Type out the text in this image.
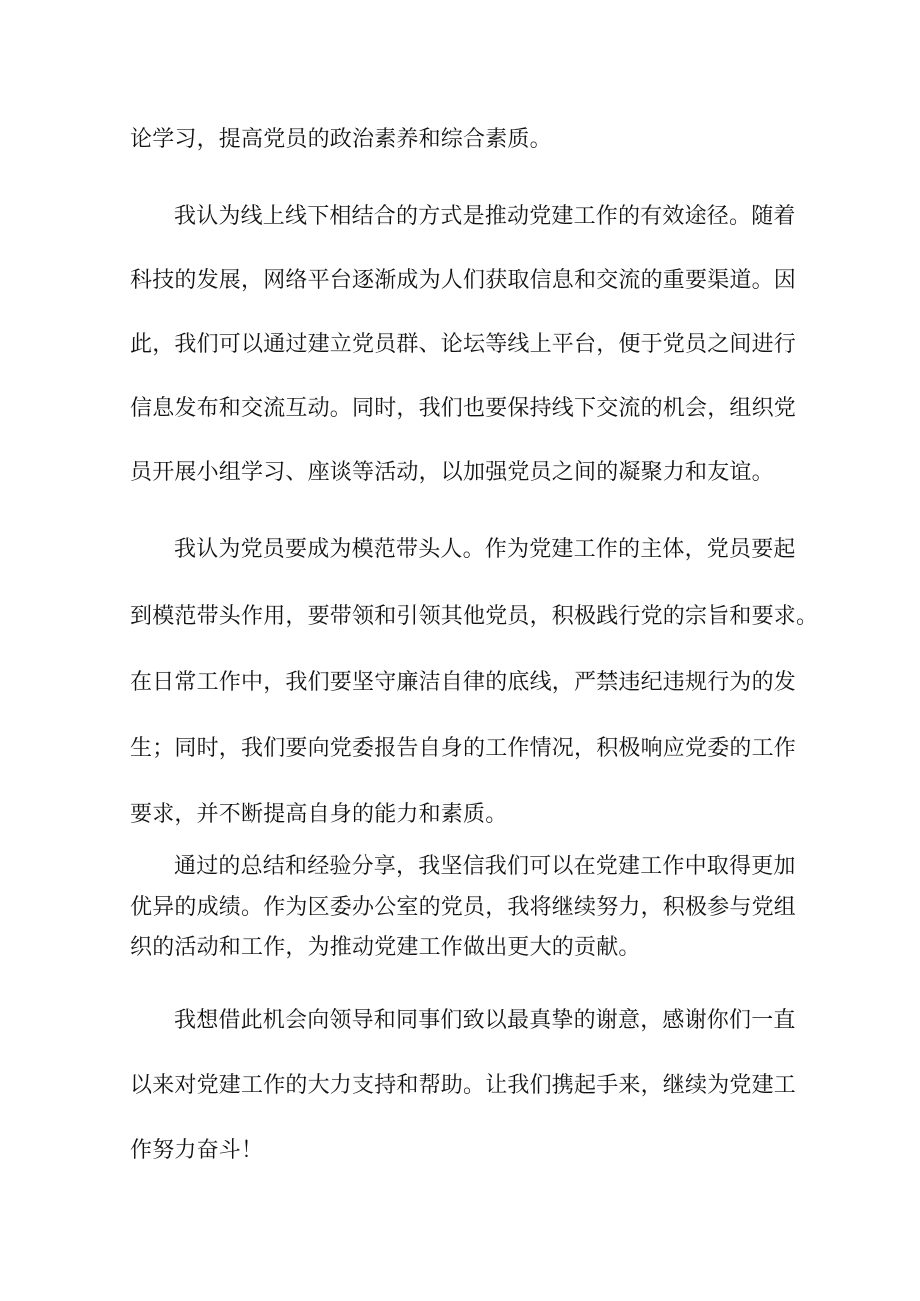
论学习，提高党员的政治素养和综合素质。
我认为线上线下相结合的方式是推动党建工作的有效途径。随着
科技的发展，网络平台逐渐成为人们获取信息和交流的重要渠道。因
此，我们可以通过建立党员群、论坛等线上平台，便于党员之间进行
信息发布和交流互动。同时，我们也要保持线下交流的机会，组织党
员开展小组学习、座谈等活动，以加强党员之间的凝聚力和友谊。
我认为党员要成为模范带头人。作为党建工作的主体，党员要起
到模范带头作用，要带领和引领其他党员，积极践行党的宗旨和要求。
在日常工作中，我们要坚守廉洁自律的底线，严禁违纪违规行为的发
生；同时，我们要向党委报告自身的工作情况，积极响应党委的工作
要求，并不断提高自身的能力和素质。
通过的总结和经验分享，我坚信我们可以在党建工作中取得更加
优异的成绩。作为区委办公室的党员，我将继续努力，积极参与党组
织的活动和工作，为推动党建工作做出更大的贡献。
我想借此机会向领导和同事们致以最真挚的谢意，感谢你们一直
以来对党建工作的大力支持和帮助。让我们携起手来，继续为党建工
作努力奋斗！
